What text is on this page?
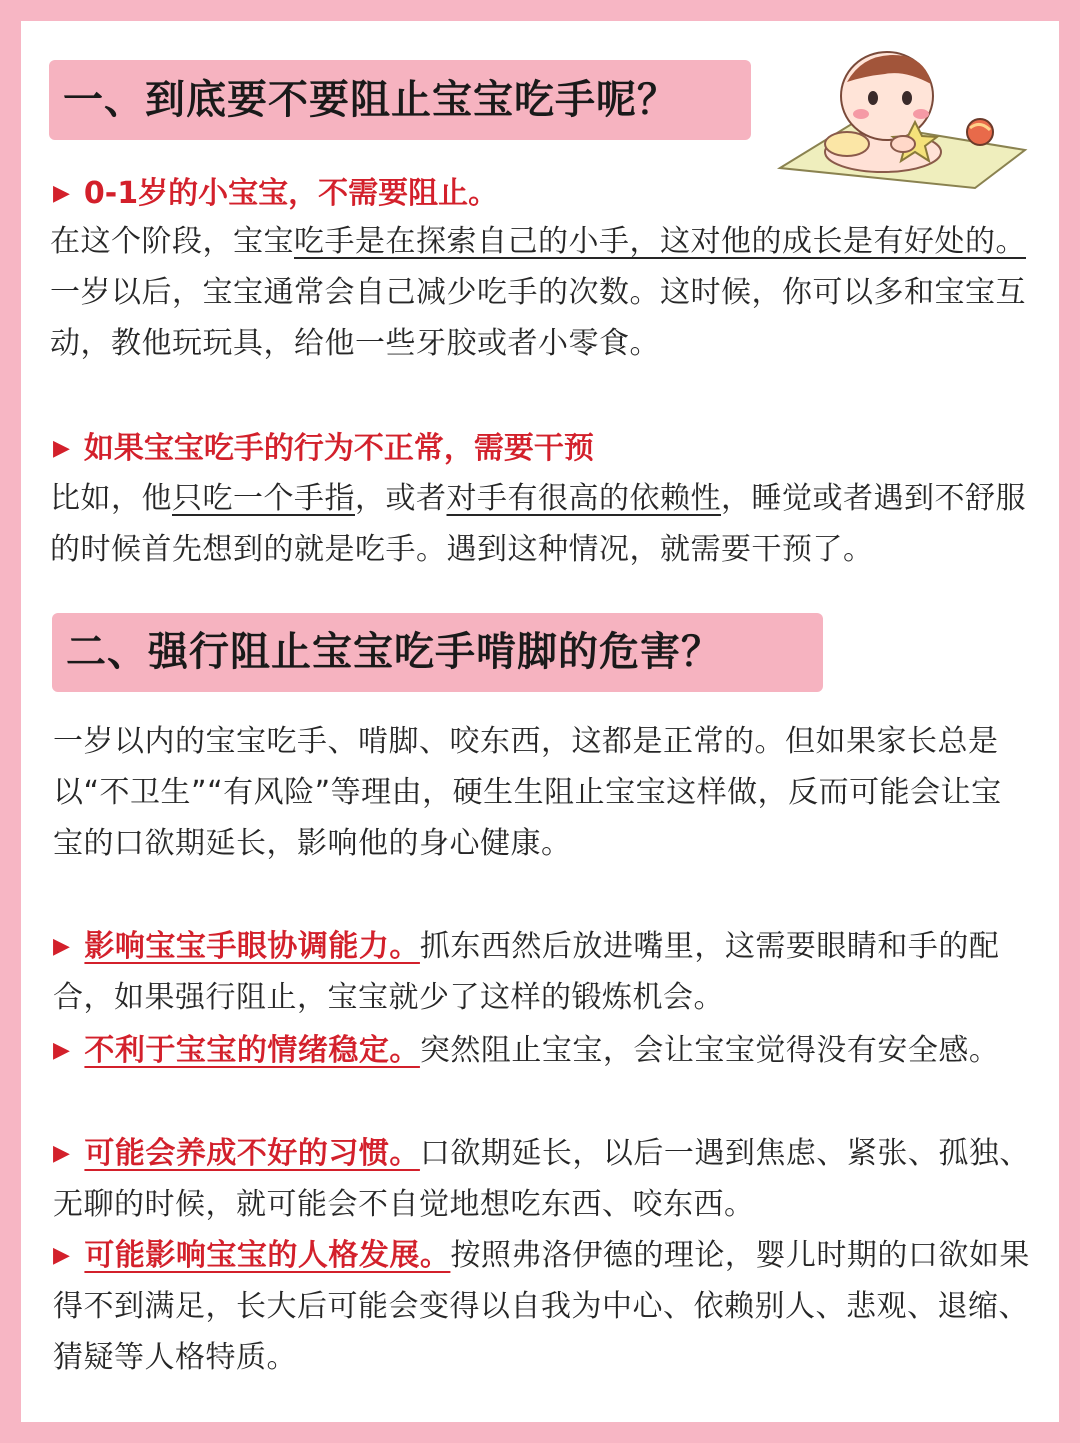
一、到底要不要阻止宝宝吃手呢？
▶ 0-1岁的小宝宝，不需要阻止。
在这个阶段，宝宝吃手是在探索自己的小手，这对他的成长是有好处的。一岁以后，宝宝通常会自己减少吃手的次数。这时候，你可以多和宝宝互动，教他玩玩具，给他一些牙胶或者小零食。
▶ 如果宝宝吃手的行为不正常，需要干预
比如，他只吃一个手指，或者对手有很高的依赖性，睡觉或者遇到不舒服的时候首先想到的就是吃手。遇到这种情况，就需要干预了。
二、强行阻止宝宝吃手啃脚的危害？
一岁以内的宝宝吃手、啃脚、咬东西，这都是正常的。但如果家长总是以“不卫生”“有风险”等理由，硬生生阻止宝宝这样做，反而可能会让宝宝的口欲期延长，影响他的身心健康。
▶ 影响宝宝手眼协调能力。抓东西然后放进嘴里，这需要眼睛和手的配合，如果强行阻止，宝宝就少了这样的锻炼机会。
▶ 不利于宝宝的情绪稳定。突然阻止宝宝，会让宝宝觉得没有安全感。
▶ 可能会养成不好的习惯。口欲期延长，以后一遇到焦虑、紧张、孤独、无聊的时候，就可能会不自觉地想吃东西、咬东西。
▶ 可能影响宝宝的人格发展。按照弗洛伊德的理论，婴儿时期的口欲如果得不到满足，长大后可能会变得以自我为中心、依赖别人、悲观、退缩、猜疑等人格特质。
